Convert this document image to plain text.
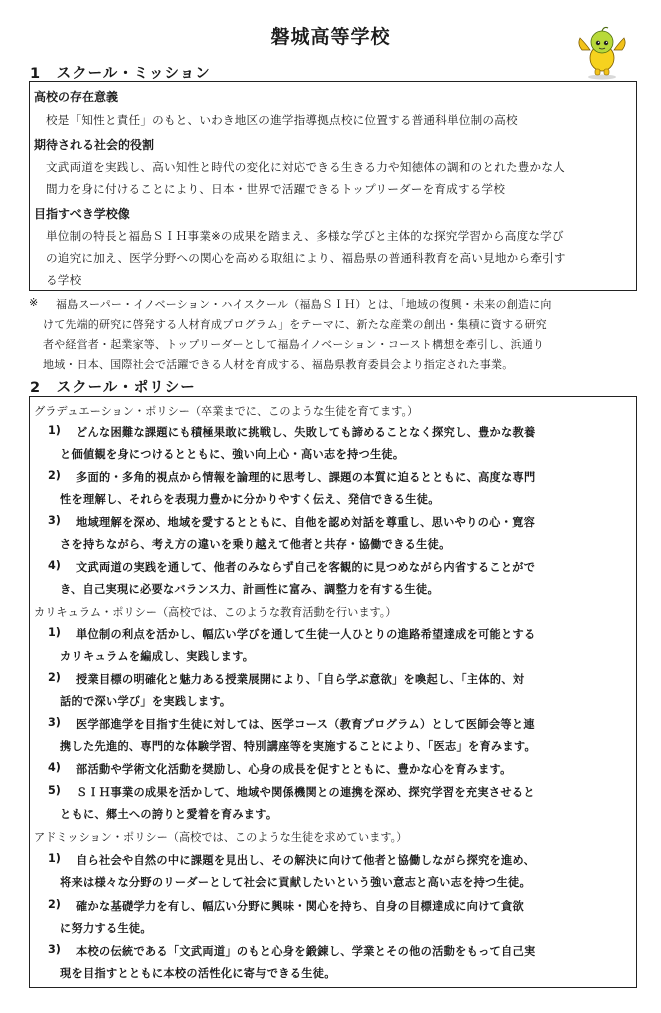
磐城高等学校
1　スクール・ミッション
高校の存在意義
校是「知性と責任」のもと、いわき地区の進学指導拠点校に位置する普通科単位制の高校
期待される社会的役割
文武両道を実践し、高い知性と時代の変化に対応できる生きる力や知徳体の調和のとれた豊かな人
間力を身に付けることにより、日本・世界で活躍できるトップリーダーを育成する学校
目指すべき学校像
単位制の特長と福島ＳＩＨ事業※の成果を踏まえ、多様な学びと主体的な探究学習から高度な学び
の追究に加え、医学分野への関心を高める取組により、福島県の普通科教育を高い見地から牽引す
る学校
※ 福島スーパー・イノベーション・ハイスクール（福島ＳＩＨ）とは、「地域の復興・未来の創造に向
けて先端的研究に啓発する人材育成プログラム」をテーマに、新たな産業の創出・集積に資する研究
者や経営者・起業家等、トップリーダーとして福島イノベーション・コースト構想を牽引し、浜通り
地域・日本、国際社会で活躍できる人材を育成する、福島県教育委員会より指定された事業。
2　スクール・ポリシー
グラデュエーション・ポリシー（卒業までに、このような生徒を育てます。）
1) どんな困難な課題にも積極果敢に挑戦し、失敗しても諦めることなく探究し、豊かな教養
と価値観を身につけるとともに、強い向上心・高い志を持つ生徒。
2) 多面的・多角的視点から情報を論理的に思考し、課題の本質に迫るとともに、高度な専門
性を理解し、それらを表現力豊かに分かりやすく伝え、発信できる生徒。
3) 地域理解を深め、地域を愛するとともに、自他を認め対話を尊重し、思いやりの心・寛容
さを持ちながら、考え方の違いを乗り越えて他者と共存・協働できる生徒。
4) 文武両道の実践を通して、他者のみならず自己を客観的に見つめながら内省することがで
き、自己実現に必要なバランス力、計画性に富み、調整力を有する生徒。
カリキュラム・ポリシー（高校では、このような教育活動を行います。）
1) 単位制の利点を活かし、幅広い学びを通して生徒一人ひとりの進路希望達成を可能とする
カリキュラムを編成し、実践します。
2) 授業目標の明確化と魅力ある授業展開により、「自ら学ぶ意欲」を喚起し、「主体的、対
話的で深い学び」を実践します。
3) 医学部進学を目指す生徒に対しては、医学コース（教育プログラム）として医師会等と連
携した先進的、専門的な体験学習、特別講座等を実施することにより、「医志」を育みます。
4) 部活動や学術文化活動を奨励し、心身の成長を促すとともに、豊かな心を育みます。
5) ＳＩＨ事業の成果を活かして、地域や関係機関との連携を深め、探究学習を充実させると
ともに、郷土への誇りと愛着を育みます。
アドミッション・ポリシー（高校では、このような生徒を求めています。）
1) 自ら社会や自然の中に課題を見出し、その解決に向けて他者と協働しながら探究を進め、
将来は様々な分野のリーダーとして社会に貢献したいという強い意志と高い志を持つ生徒。
2) 確かな基礎学力を有し、幅広い分野に興味・関心を持ち、自身の目標達成に向けて貪欲
に努力する生徒。
3) 本校の伝統である「文武両道」のもと心身を鍛錬し、学業とその他の活動をもって自己実
現を目指すとともに本校の活性化に寄与できる生徒。
